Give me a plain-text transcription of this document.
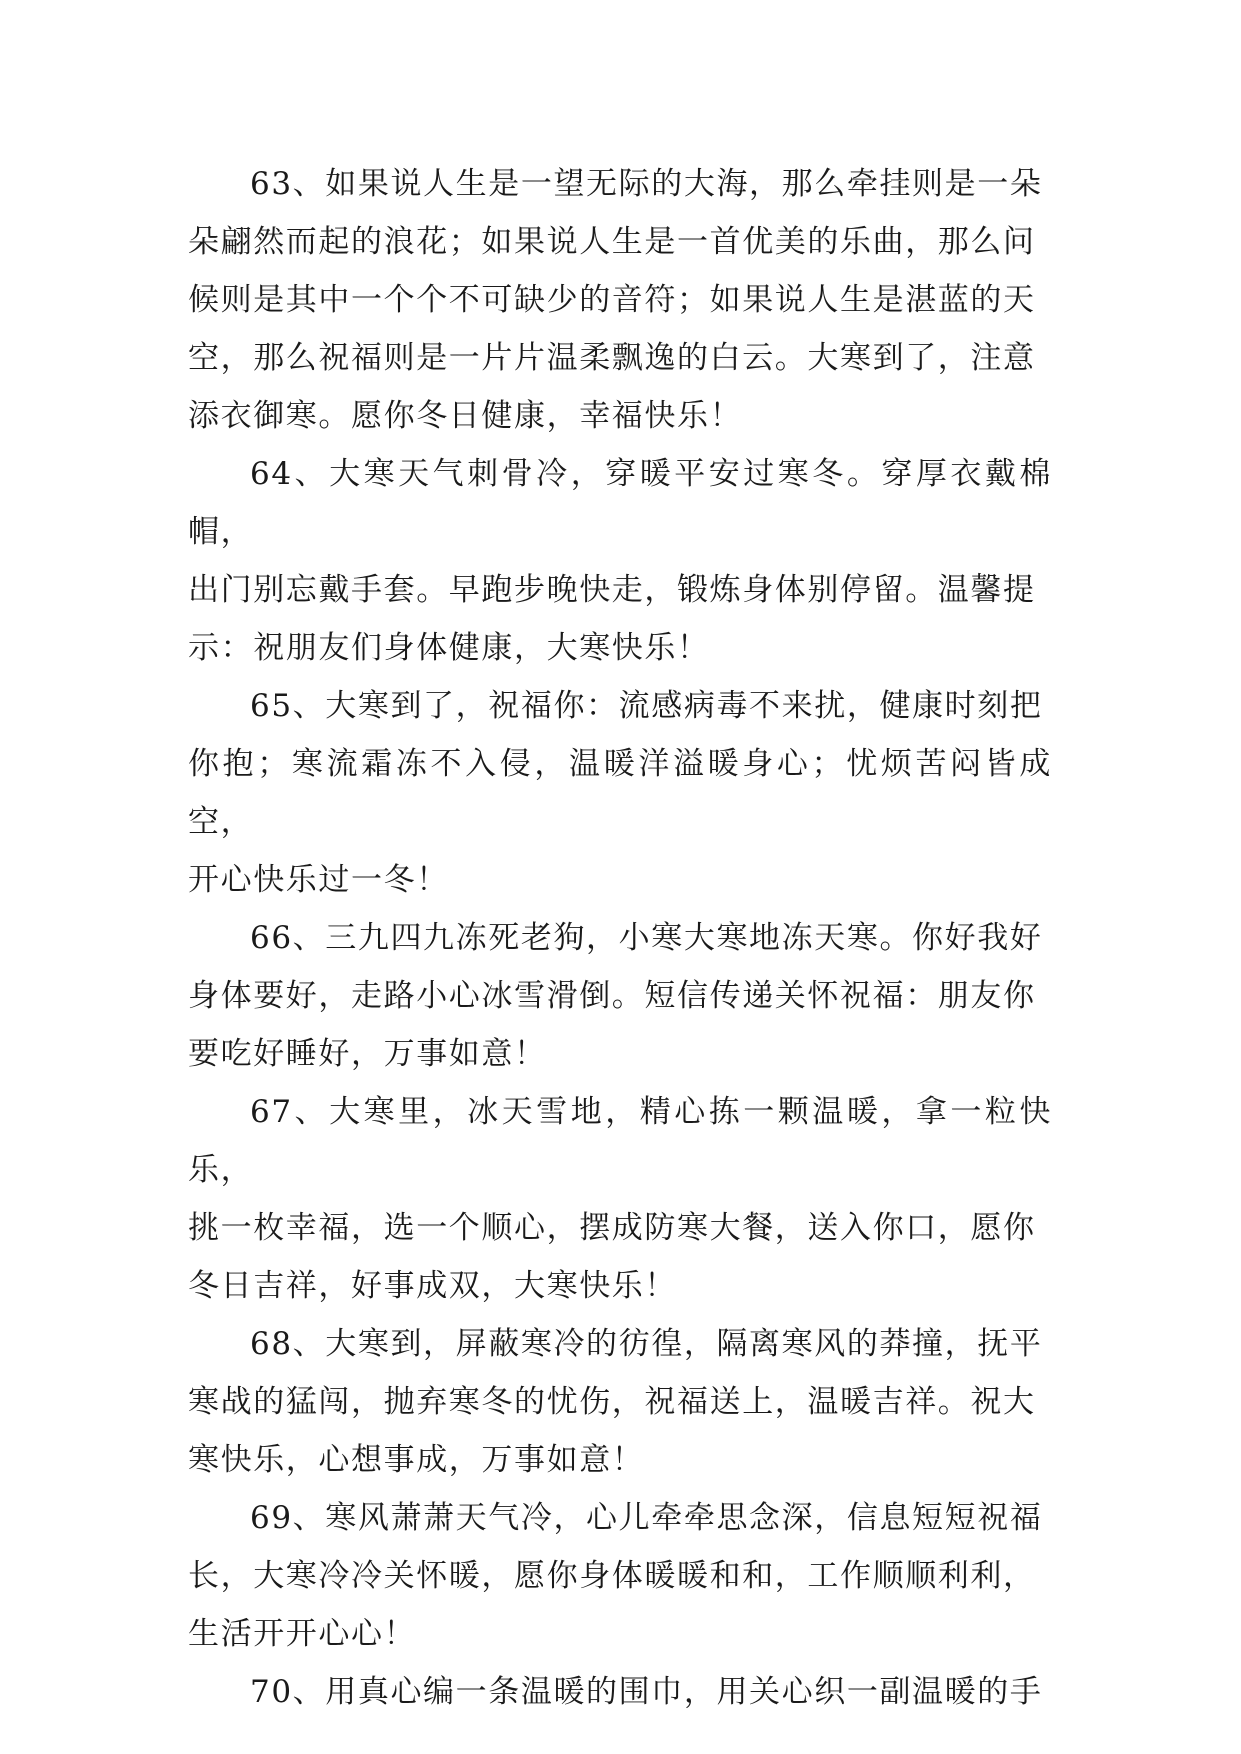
63、如果说人生是一望无际的大海，那么牵挂则是一朵
朵翩然而起的浪花；如果说人生是一首优美的乐曲，那么问
候则是其中一个个不可缺少的音符；如果说人生是湛蓝的天
空，那么祝福则是一片片温柔飘逸的白云。大寒到了，注意
添衣御寒。愿你冬日健康，幸福快乐！

64、大寒天气刺骨冷，穿暖平安过寒冬。穿厚衣戴棉帽，
出门别忘戴手套。早跑步晚快走，锻炼身体别停留。温馨提
示：祝朋友们身体健康，大寒快乐！

65、大寒到了，祝福你：流感病毒不来扰，健康时刻把
你抱；寒流霜冻不入侵，温暖洋溢暖身心；忧烦苦闷皆成空，
开心快乐过一冬！

66、三九四九冻死老狗，小寒大寒地冻天寒。你好我好
身体要好，走路小心冰雪滑倒。短信传递关怀祝福：朋友你
要吃好睡好，万事如意！

67、大寒里，冰天雪地，精心拣一颗温暖，拿一粒快乐，
挑一枚幸福，选一个顺心，摆成防寒大餐，送入你口，愿你
冬日吉祥，好事成双，大寒快乐！

68、大寒到，屏蔽寒冷的彷徨，隔离寒风的莽撞，抚平
寒战的猛闯，抛弃寒冬的忧伤，祝福送上，温暖吉祥。祝大
寒快乐，心想事成，万事如意！

69、寒风萧萧天气冷，心儿牵牵思念深，信息短短祝福
长，大寒冷冷关怀暖，愿你身体暖暖和和，工作顺顺利利，
生活开开心心！

70、用真心编一条温暖的围巾，用关心织一副温暖的手
